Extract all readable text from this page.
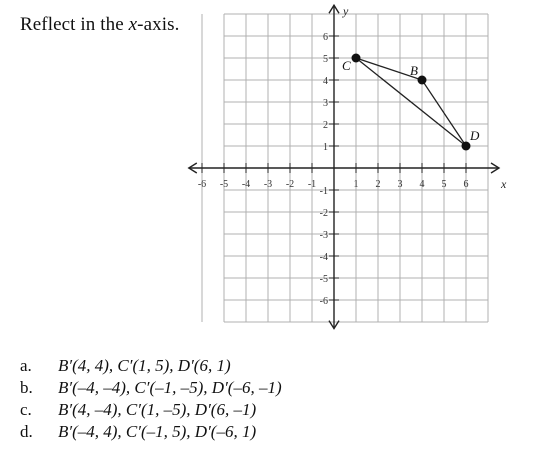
Reflect in the x-axis.
x
y
-6 -5 -4 -3 -2 -1	1 2 3 4 5 6
6
5
4
3
2
1
-1
-2
-3
-4
-5
-6
C	B
D
a.	B′(4, 4), C′(1, 5), D′(6, 1)
b.	B′(–4, –4), C′(–1, –5), D′(–6, –1)
c.	B′(4, –4), C′(1, –5), D′(6, –1)
d.	B′(–4, 4), C′(–1, 5), D′(–6, 1)
